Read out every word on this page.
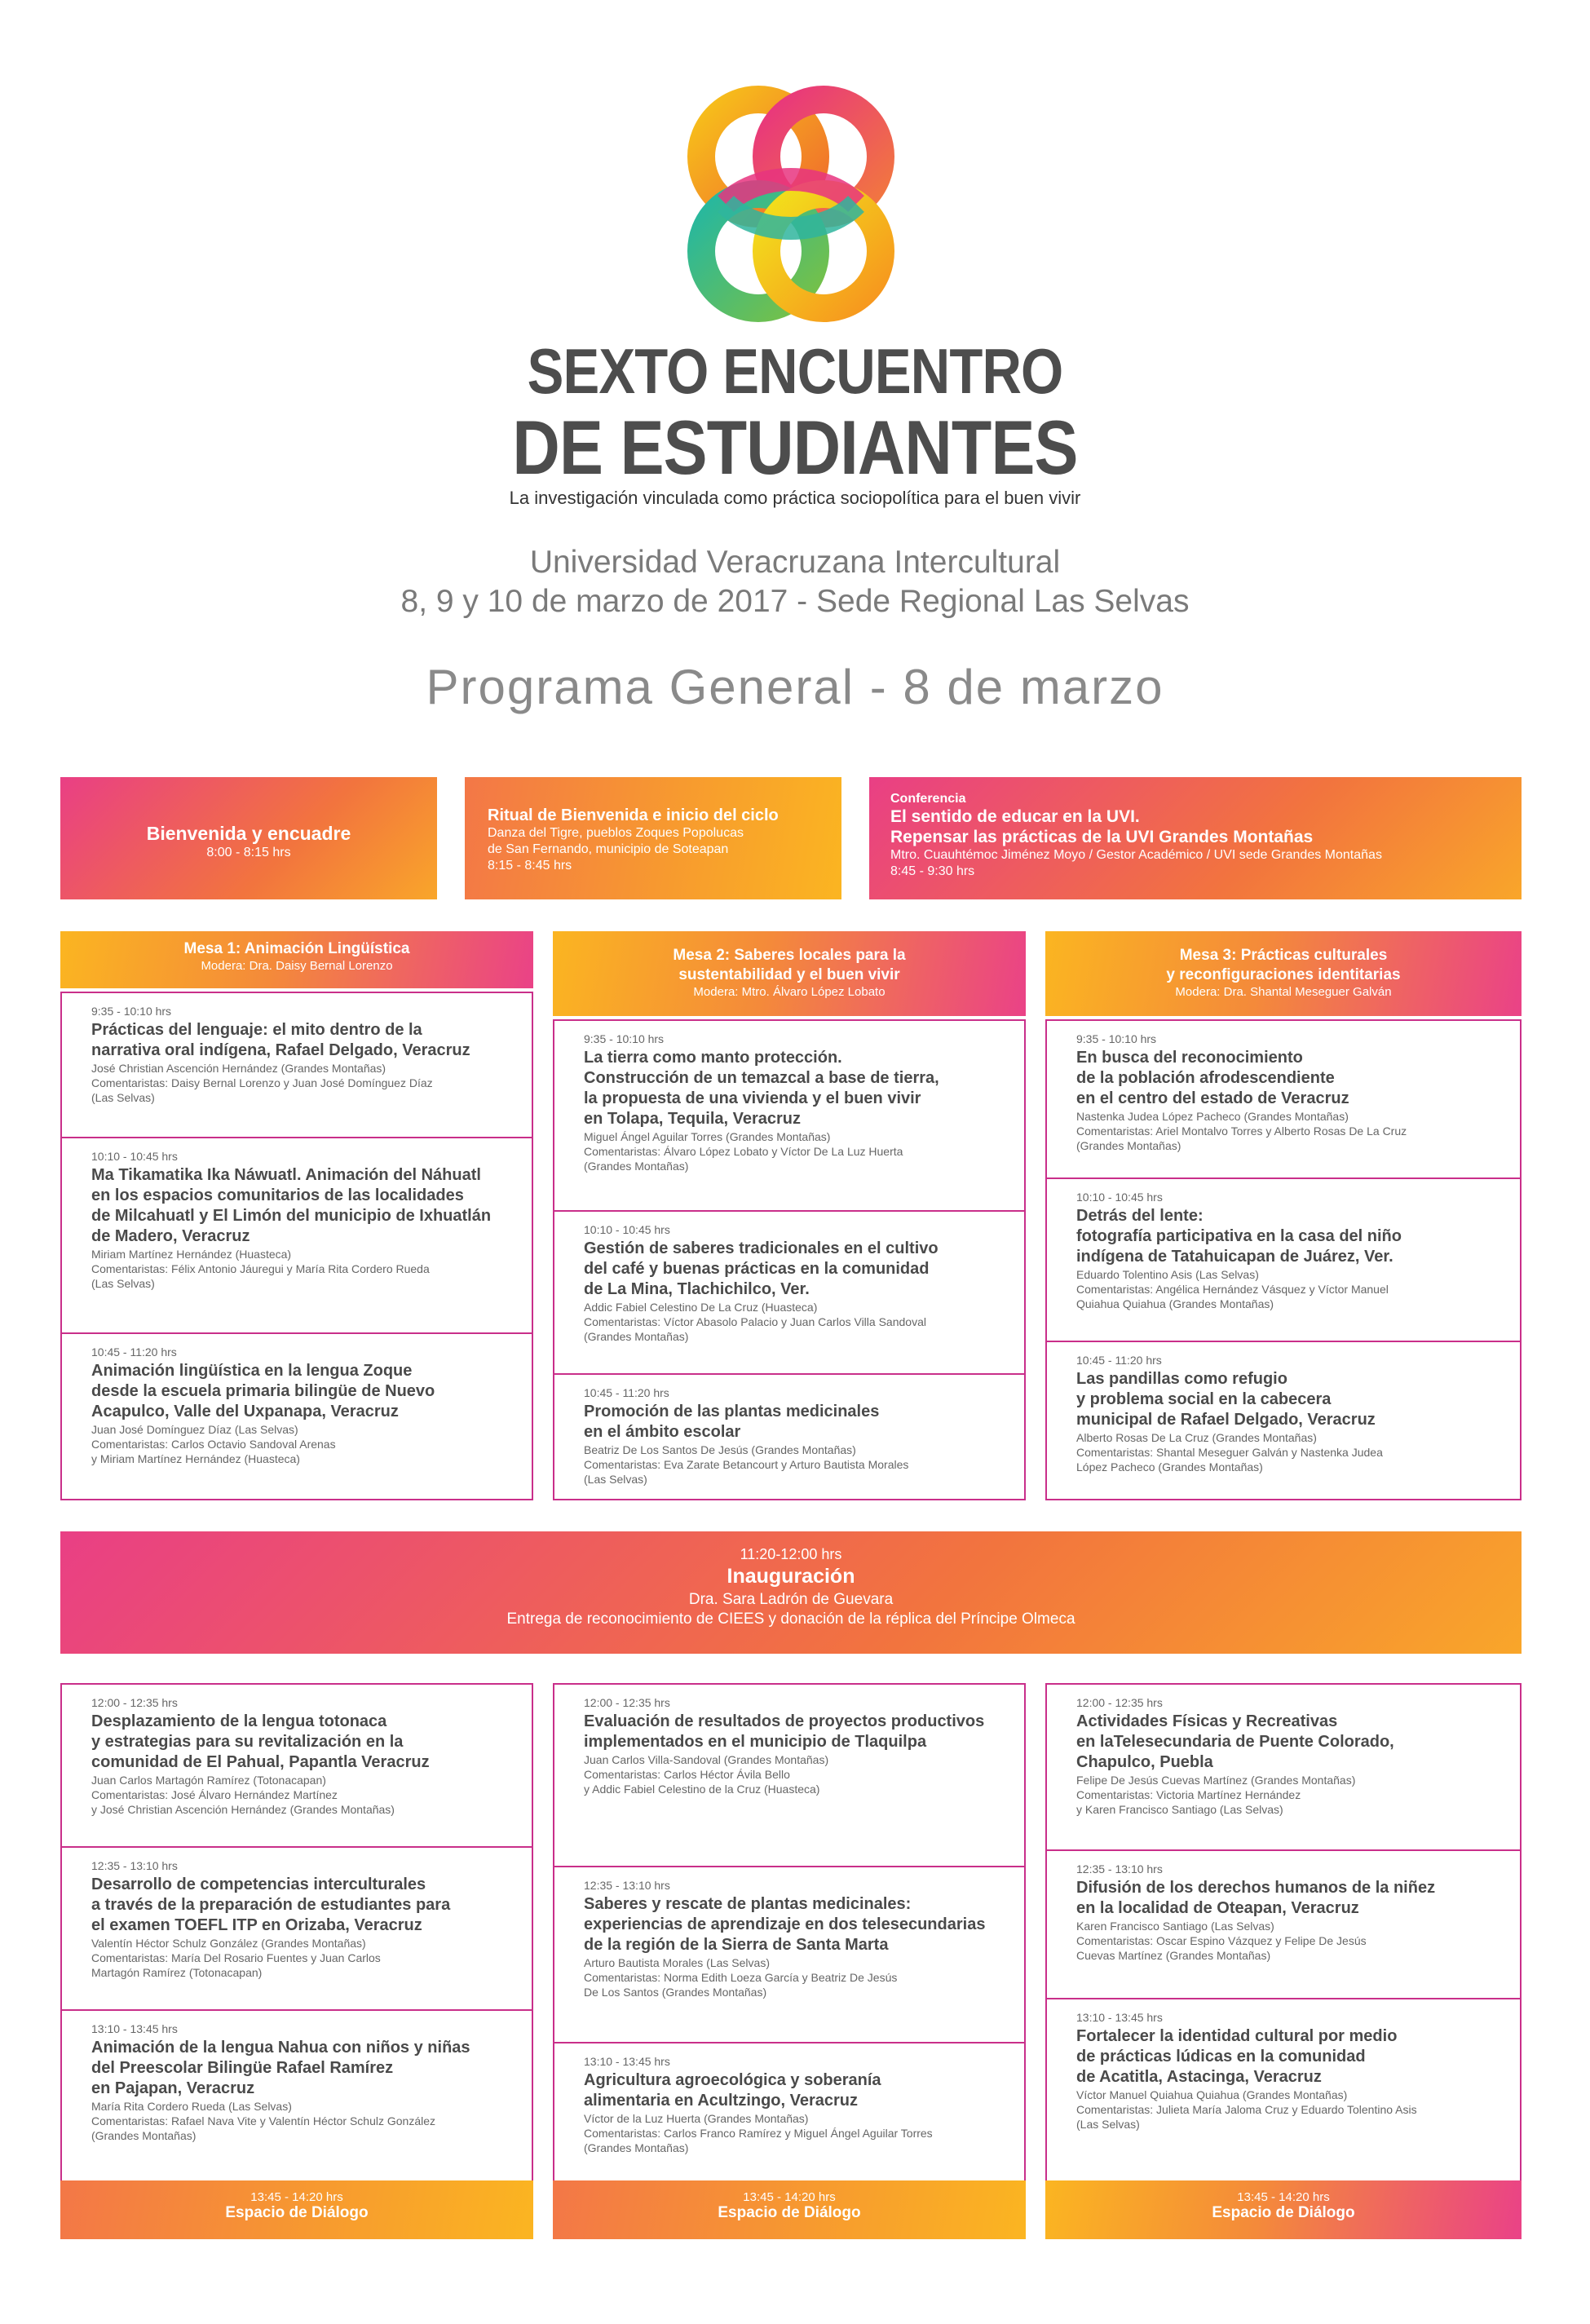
SEXTO ENCUENTRO
DE ESTUDIANTES
La investigación vinculada como práctica sociopolítica para el buen vivir
Universidad Veracruzana Intercultural
8, 9 y 10 de marzo de 2017 - Sede Regional Las Selvas
Programa General - 8 de marzo
Bienvenida y encuadre
8:00 - 8:15 hrs
Ritual de Bienvenida e inicio del ciclo
Danza del Tigre, pueblos Zoques Popolucas
de San Fernando, municipio de Soteapan
8:15 - 8:45 hrs
Conferencia
El sentido de educar en la UVI.
Repensar las prácticas de la UVI Grandes Montañas
Mtro. Cuauhtémoc Jiménez Moyo / Gestor Académico / UVI sede Grandes Montañas
8:45 - 9:30 hrs
Mesa 1: Animación Lingüística
Modera: Dra. Daisy Bernal Lorenzo
Mesa 2: Saberes locales para la
sustentabilidad y el buen vivir
Modera: Mtro. Álvaro López Lobato
Mesa 3: Prácticas culturales
y reconfiguraciones identitarias
Modera: Dra. Shantal Meseguer Galván
9:35 - 10:10 hrs
Prácticas del lenguaje: el mito dentro de la
narrativa oral indígena, Rafael Delgado, Veracruz
José Christian Ascención Hernández (Grandes Montañas)
Comentaristas: Daisy Bernal Lorenzo y Juan José Domínguez Díaz
(Las Selvas)
10:10 - 10:45 hrs
Ma Tikamatika Ika Náwuatl. Animación del Náhuatl
en los espacios comunitarios de las localidades
de Milcahuatl y El Limón del municipio de Ixhuatlán
de Madero, Veracruz
Miriam Martínez Hernández (Huasteca)
Comentaristas: Félix Antonio Jáuregui y María Rita Cordero Rueda
(Las Selvas)
10:45 - 11:20 hrs
Animación lingüística en la lengua Zoque
desde la escuela primaria bilingüe de Nuevo
Acapulco, Valle del Uxpanapa, Veracruz
Juan José Domínguez Díaz (Las Selvas)
Comentaristas: Carlos Octavio Sandoval Arenas
y Miriam Martínez Hernández (Huasteca)
9:35 - 10:10 hrs
La tierra como manto protección.
Construcción de un temazcal a base de tierra,
la propuesta de una vivienda y el buen vivir
en Tolapa, Tequila, Veracruz
Miguel Ángel Aguilar Torres (Grandes Montañas)
Comentaristas: Álvaro López Lobato y Víctor De La Luz Huerta
(Grandes Montañas)
10:10 - 10:45 hrs
Gestión de saberes tradicionales en el cultivo
del café y buenas prácticas en la comunidad
de La Mina, Tlachichilco, Ver.
Addic Fabiel Celestino De La Cruz (Huasteca)
Comentaristas: Víctor Abasolo Palacio y Juan Carlos Villa Sandoval
(Grandes Montañas)
10:45 - 11:20 hrs
Promoción de las plantas medicinales
en el ámbito escolar
Beatriz De Los Santos De Jesús (Grandes Montañas)
Comentaristas: Eva Zarate Betancourt y Arturo Bautista Morales
(Las Selvas)
9:35 - 10:10 hrs
En busca del reconocimiento
de la población afrodescendiente
en el centro del estado de Veracruz
Nastenka Judea López Pacheco (Grandes Montañas)
Comentaristas: Ariel Montalvo Torres y Alberto Rosas De La Cruz
(Grandes Montañas)
10:10 - 10:45 hrs
Detrás del lente:
fotografía participativa en la casa del niño
indígena de Tatahuicapan de Juárez, Ver.
Eduardo Tolentino Asis (Las Selvas)
Comentaristas: Angélica Hernández Vásquez y Víctor Manuel
Quiahua Quiahua (Grandes Montañas)
10:45 - 11:20 hrs
Las pandillas como refugio
y problema social en la cabecera
municipal de Rafael Delgado, Veracruz
Alberto Rosas De La Cruz (Grandes Montañas)
Comentaristas: Shantal Meseguer Galván y Nastenka Judea
López Pacheco (Grandes Montañas)
11:20-12:00 hrs
Inauguración
Dra. Sara Ladrón de Guevara
Entrega de reconocimiento de CIEES y donación de la réplica del Príncipe Olmeca
12:00 - 12:35 hrs
Desplazamiento de la lengua totonaca
y estrategias para su revitalización en la
comunidad de El Pahual, Papantla Veracruz
Juan Carlos Martagón Ramírez (Totonacapan)
Comentaristas: José Álvaro Hernández Martínez
y José Christian Ascención Hernández (Grandes Montañas)
12:35 - 13:10 hrs
Desarrollo de competencias interculturales
a través de la preparación de estudiantes para
el examen TOEFL ITP en Orizaba, Veracruz
Valentín Héctor Schulz González (Grandes Montañas)
Comentaristas: María Del Rosario Fuentes y Juan Carlos
Martagón Ramírez (Totonacapan)
13:10 - 13:45 hrs
Animación de la lengua Nahua con niños y niñas
del Preescolar Bilingüe Rafael Ramírez
en Pajapan, Veracruz
María Rita Cordero Rueda (Las Selvas)
Comentaristas: Rafael Nava Vite y Valentín Héctor Schulz González
(Grandes Montañas)
12:00 - 12:35 hrs
Evaluación de resultados de proyectos productivos
implementados en el municipio de Tlaquilpa
Juan Carlos Villa-Sandoval (Grandes Montañas)
Comentaristas: Carlos Héctor Ávila Bello
y Addic Fabiel Celestino de la Cruz (Huasteca)
12:35 - 13:10 hrs
Saberes y rescate de plantas medicinales:
experiencias de aprendizaje en dos telesecundarias
de la región de la Sierra de Santa Marta
Arturo Bautista Morales (Las Selvas)
Comentaristas: Norma Edith Loeza García y Beatriz De Jesús
De Los Santos (Grandes Montañas)
13:10 - 13:45 hrs
Agricultura agroecológica y soberanía
alimentaria en Acultzingo, Veracruz
Víctor de la Luz Huerta (Grandes Montañas)
Comentaristas: Carlos Franco Ramírez y Miguel Ángel Aguilar Torres
(Grandes Montañas)
12:00 - 12:35 hrs
Actividades Físicas y Recreativas
en laTelesecundaria de Puente Colorado,
Chapulco, Puebla
Felipe De Jesús Cuevas Martínez (Grandes Montañas)
Comentaristas: Victoria Martínez Hernández
y Karen Francisco Santiago (Las Selvas)
12:35 - 13:10 hrs
Difusión de los derechos humanos de la niñez
en la localidad de Oteapan, Veracruz
Karen Francisco Santiago (Las Selvas)
Comentaristas: Oscar Espino Vázquez y Felipe De Jesús
Cuevas Martínez (Grandes Montañas)
13:10 - 13:45 hrs
Fortalecer la identidad cultural por medio
de prácticas lúdicas en la comunidad
de Acatitla, Astacinga, Veracruz
Víctor Manuel Quiahua Quiahua (Grandes Montañas)
Comentaristas: Julieta María Jaloma Cruz y Eduardo Tolentino Asis
(Las Selvas)
13:45 - 14:20 hrs
Espacio de Diálogo
13:45 - 14:20 hrs
Espacio de Diálogo
13:45 - 14:20 hrs
Espacio de Diálogo
